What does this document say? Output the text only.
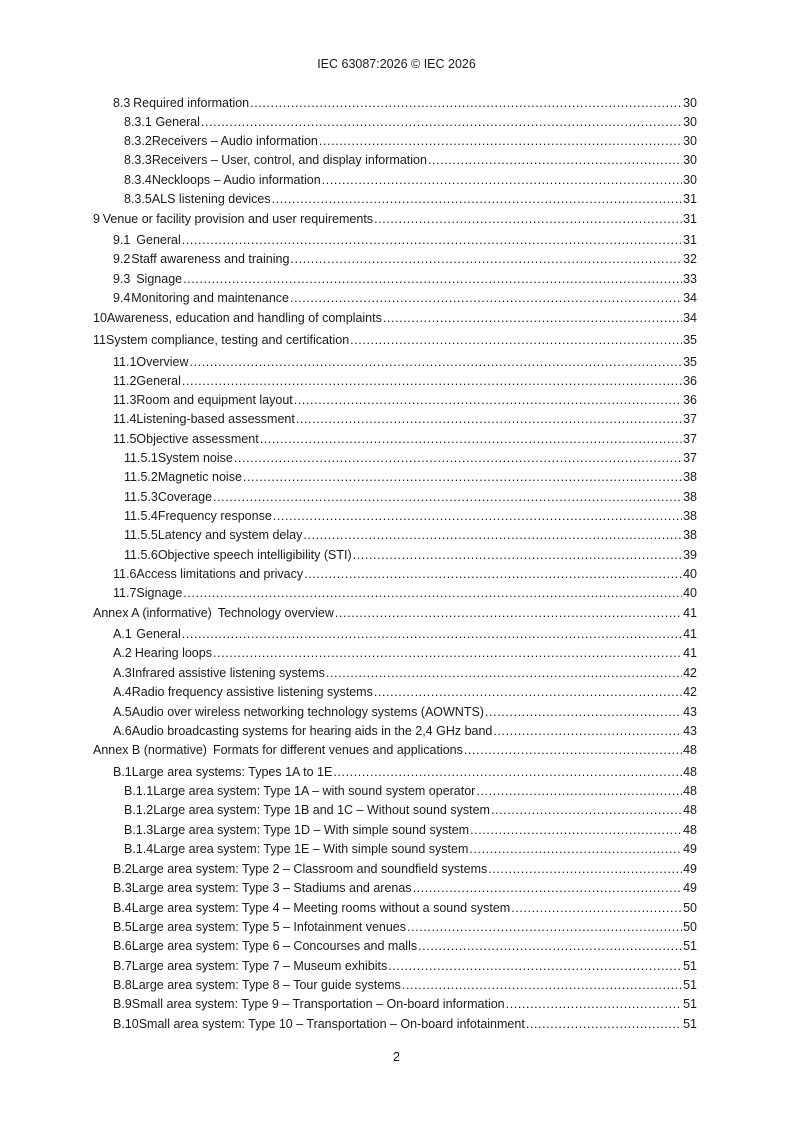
IEC 63087:2026 © IEC 2026
8.3 Required information .....	30
8.3.1 General .....	30
8.3.2 Receivers – Audio information .....	30
8.3.3 Receivers – User, control, and display information .....	30
8.3.4 Neckloops – Audio information .....	30
8.3.5 ALS listening devices .....	31
9 Venue or facility provision and user requirements .....	31
9.1 General .....	31
9.2 Staff awareness and training .....	32
9.3 Signage .....	33
9.4 Monitoring and maintenance .....	34
10 Awareness, education and handling of complaints .....	34
11 System compliance, testing and certification .....	35
11.1 Overview .....	35
11.2 General .....	36
11.3 Room and equipment layout .....	36
11.4 Listening-based assessment .....	37
11.5 Objective assessment .....	37
11.5.1 System noise .....	37
11.5.2 Magnetic noise .....	38
11.5.3 Coverage .....	38
11.5.4 Frequency response .....	38
11.5.5 Latency and system delay .....	38
11.5.6 Objective speech intelligibility (STI) .....	39
11.6 Access limitations and privacy .....	40
11.7 Signage .....	40
Annex A (informative) Technology overview .....	41
A.1 General .....	41
A.2 Hearing loops .....	41
A.3 Infrared assistive listening systems .....	42
A.4 Radio frequency assistive listening systems .....	42
A.5 Audio over wireless networking technology systems (AOWNTS) .....	43
A.6 Audio broadcasting systems for hearing aids in the 2,4 GHz band .....	43
Annex B (normative) Formats for different venues and applications .....	48
B.1 Large area systems: Types 1A to 1E .....	48
B.1.1 Large area system: Type 1A – with sound system operator .....	48
B.1.2 Large area system: Type 1B and 1C – Without sound system .....	48
B.1.3 Large area system: Type 1D – With simple sound system .....	48
B.1.4 Large area system: Type 1E – With simple sound system .....	49
B.2 Large area system: Type 2 – Classroom and soundfield systems .....	49
B.3 Large area system: Type 3 – Stadiums and arenas .....	49
B.4 Large area system: Type 4 – Meeting rooms without a sound system .....	50
B.5 Large area system: Type 5 – Infotainment venues .....	50
B.6 Large area system: Type 6 – Concourses and malls .....	51
B.7 Large area system: Type 7 – Museum exhibits .....	51
B.8 Large area system: Type 8 – Tour guide systems .....	51
B.9 Small area system: Type 9 – Transportation – On-board information .....	51
B.10 Small area system: Type 10 – Transportation – On-board infotainment .....	51
2
